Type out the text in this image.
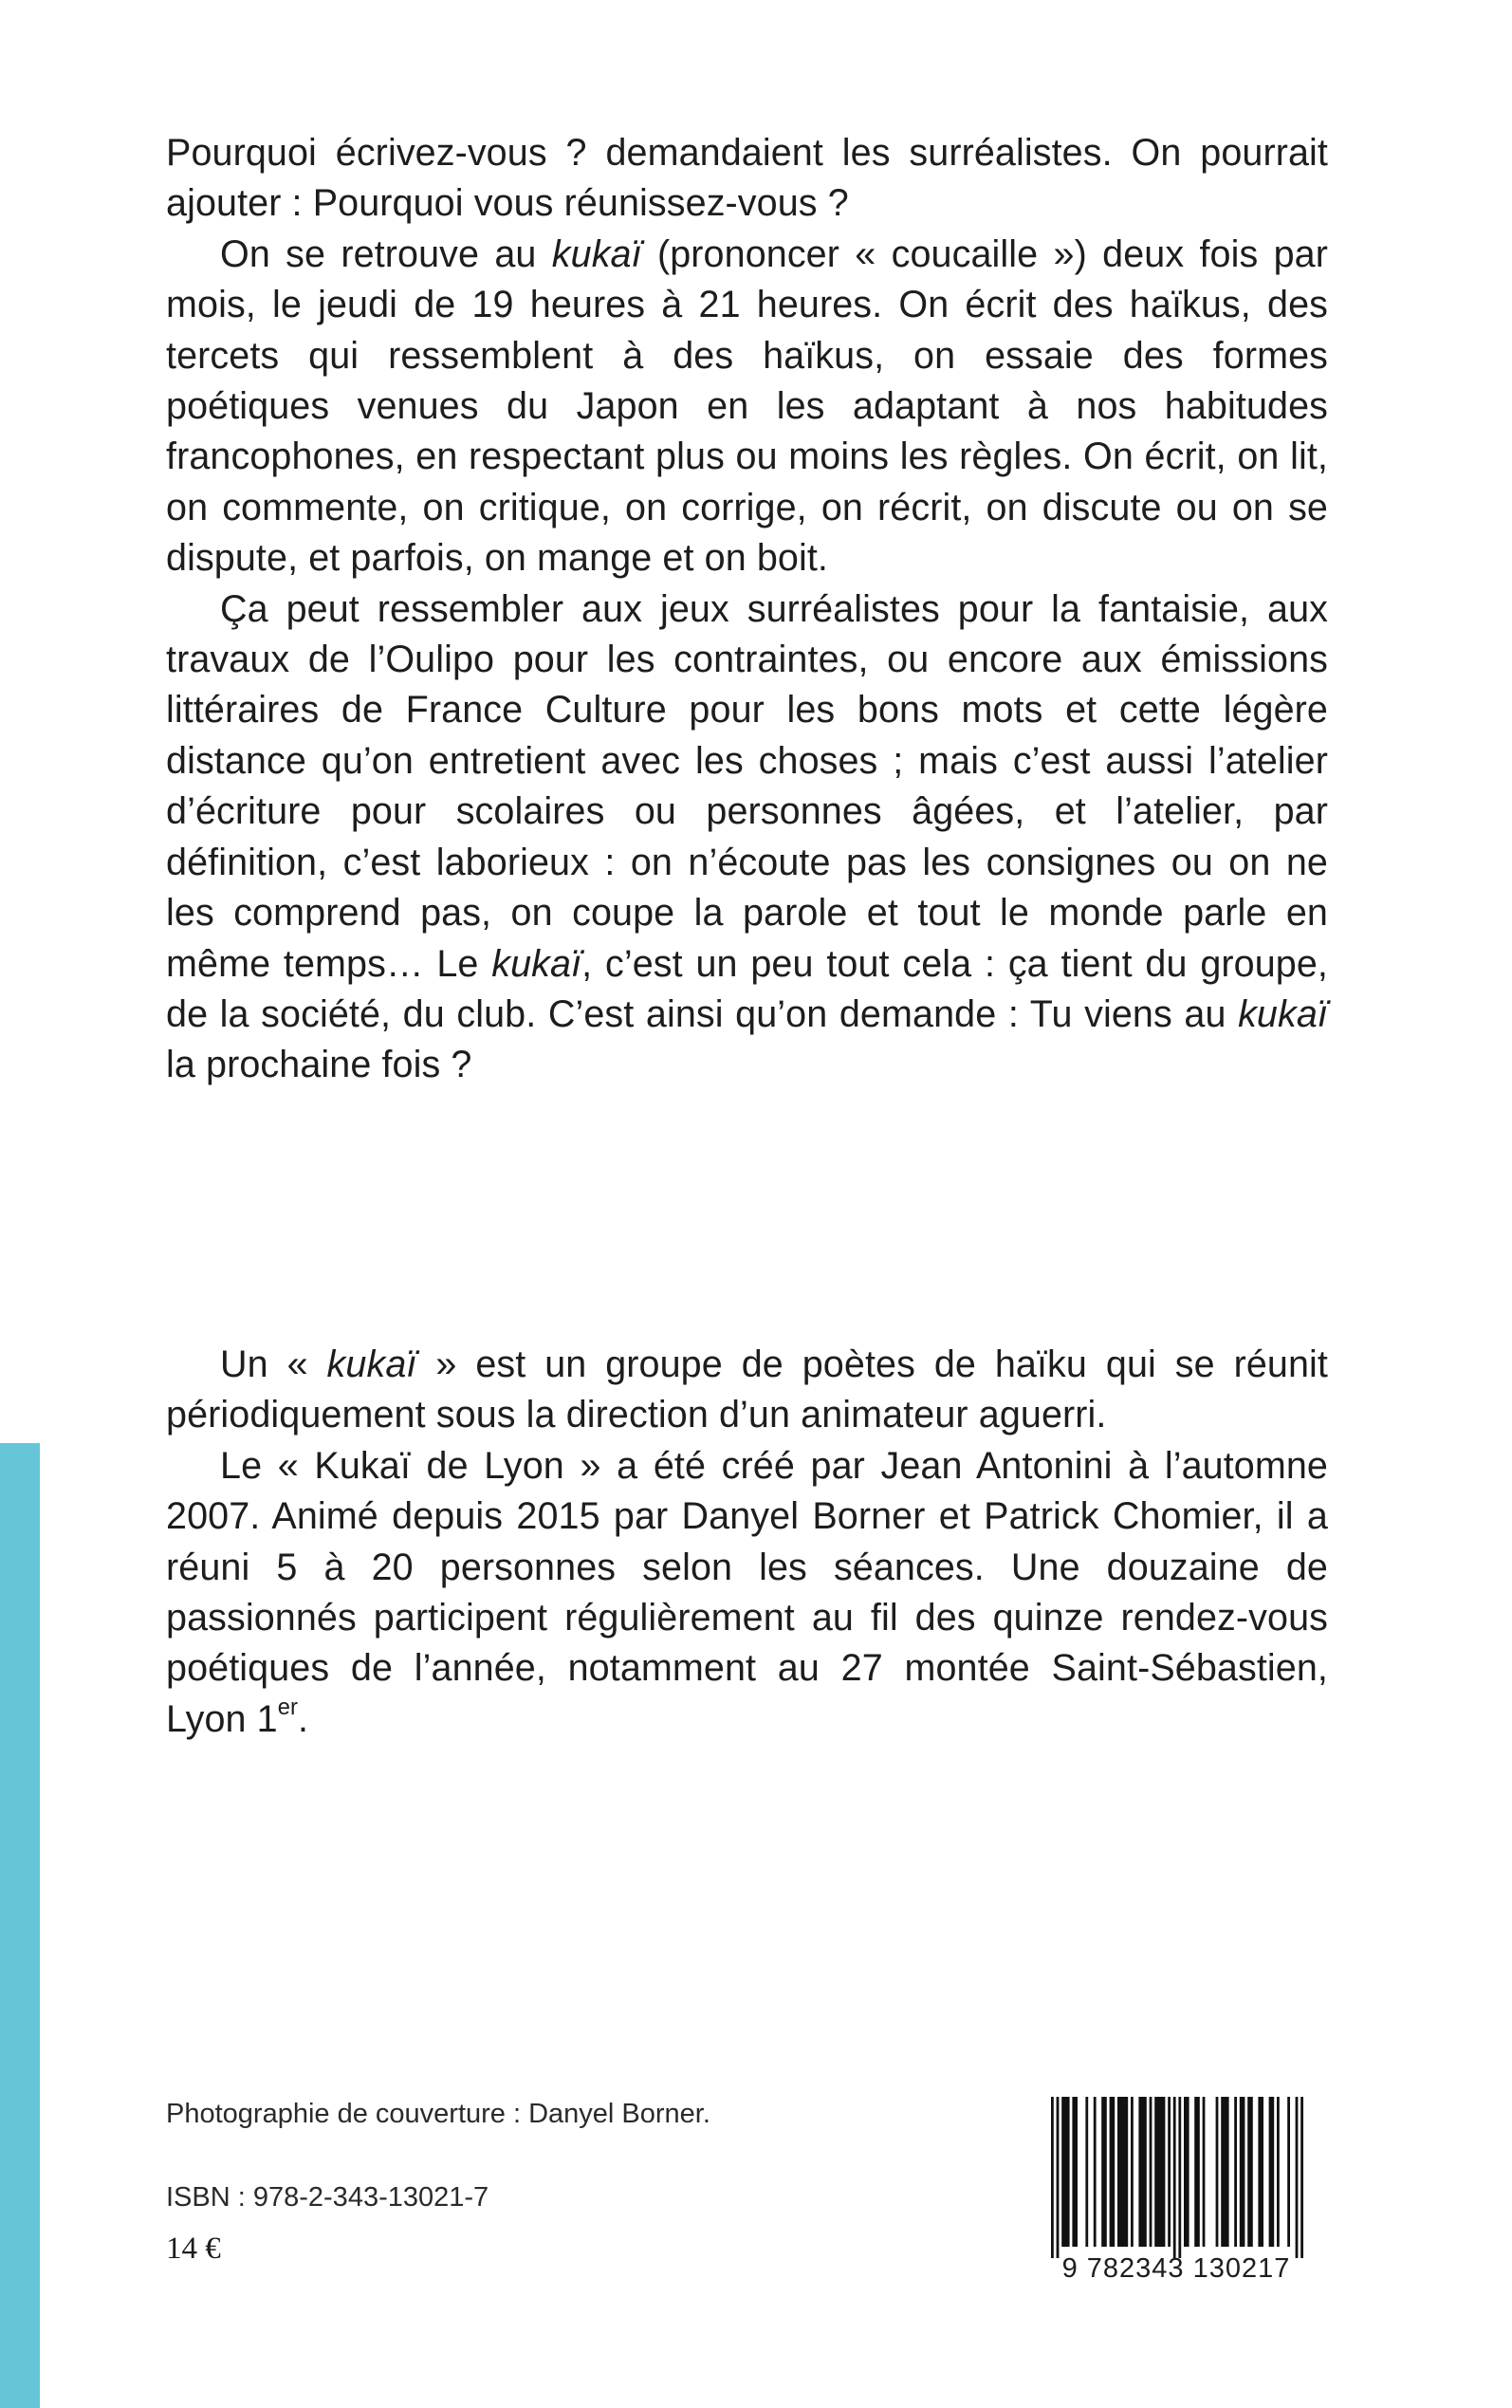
Pourquoi écrivez-vous ? demandaient les surréalistes. On pourrait ajouter : Pourquoi vous réunissez-vous ?

On se retrouve au kukaï (prononcer « coucaille ») deux fois par mois, le jeudi de 19 heures à 21 heures. On écrit des haïkus, des tercets qui ressemblent à des haïkus, on essaie des formes poétiques venues du Japon en les adaptant à nos habitudes francophones, en respectant plus ou moins les règles. On écrit, on lit, on commente, on critique, on corrige, on récrit, on discute ou on se dispute, et parfois, on mange et on boit.

Ça peut ressembler aux jeux surréalistes pour la fantaisie, aux travaux de l’Oulipo pour les contraintes, ou encore aux émissions littéraires de France Culture pour les bons mots et cette légère distance qu’on entretient avec les choses ; mais c’est aussi l’atelier d’écriture pour scolaires ou personnes âgées, et l’atelier, par définition, c’est laborieux : on n’écoute pas les consignes ou on ne les comprend pas, on coupe la parole et tout le monde parle en même temps… Le kukaï, c’est un peu tout cela : ça tient du groupe, de la société, du club. C’est ainsi qu’on demande : Tu viens au kukaï la prochaine fois ?

Un « kukaï » est un groupe de poètes de haïku qui se réunit périodiquement sous la direction d’un animateur aguerri.

Le « Kukaï de Lyon » a été créé par Jean Antonini à l’automne 2007. Animé depuis 2015 par Danyel Borner et Patrick Chomier, il a réuni 5 à 20 personnes selon les séances. Une douzaine de passionnés participent régulièrement au fil des quinze rendez-vous poétiques de l’année, notamment au 27 montée Saint-Sébastien, Lyon 1er.

Photographie de couverture : Danyel Borner.
ISBN : 978-2-343-13021-7
14 €
9 782343 130217
